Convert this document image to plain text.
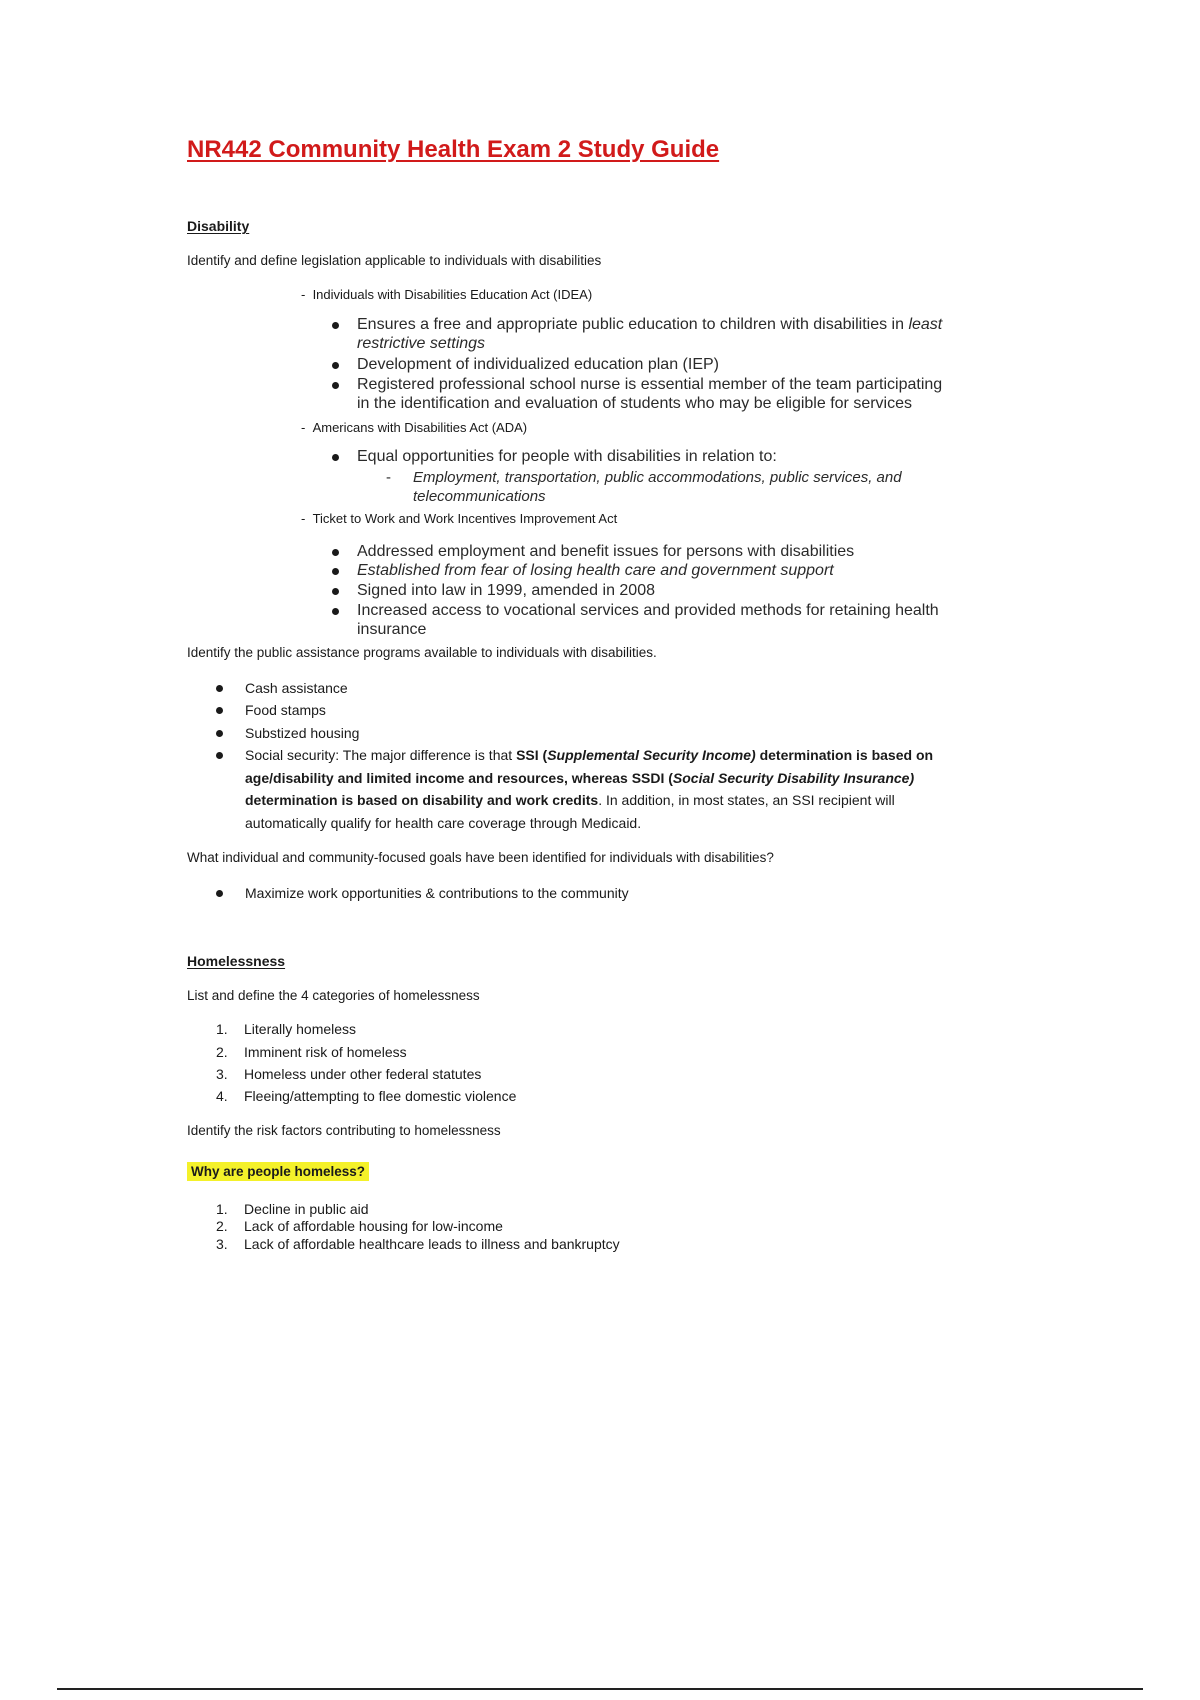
NR442 Community Health Exam 2 Study Guide
Disability
Identify and define legislation applicable to individuals with disabilities
-  Individuals with Disabilities Education Act (IDEA)
Ensures a free and appropriate public education to children with disabilities in least
restrictive settings
Development of individualized education plan (IEP)
Registered professional school nurse is essential member of the team participating
in the identification and evaluation of students who may be eligible for services
-  Americans with Disabilities Act (ADA)
Equal opportunities for people with disabilities in relation to:
- Employment, transportation, public accommodations, public services, and
telecommunications
-  Ticket to Work and Work Incentives Improvement Act
Addressed employment and benefit issues for persons with disabilities
Established from fear of losing health care and government support
Signed into law in 1999, amended in 2008
Increased access to vocational services and provided methods for retaining health
insurance
Identify the public assistance programs available to individuals with disabilities.
Cash assistance
Food stamps
Substized housing
Social security: The major difference is that SSI (Supplemental Security Income) determination is based on
age/disability and limited income and resources, whereas SSDI (Social Security Disability Insurance)
determination is based on disability and work credits. In addition, in most states, an SSI recipient will
automatically qualify for health care coverage through Medicaid.
What individual and community-focused goals have been identified for individuals with disabilities?
Maximize work opportunities & contributions to the community
Homelessness
List and define the 4 categories of homelessness
1.	Literally homeless
2.	Imminent risk of homeless
3.	Homeless under other federal statutes
4.	Fleeing/attempting to flee domestic violence
Identify the risk factors contributing to homelessness
Why are people homeless?
1.	Decline in public aid
2.	Lack of affordable housing for low-income
3.	Lack of affordable healthcare leads to illness and bankruptcy
